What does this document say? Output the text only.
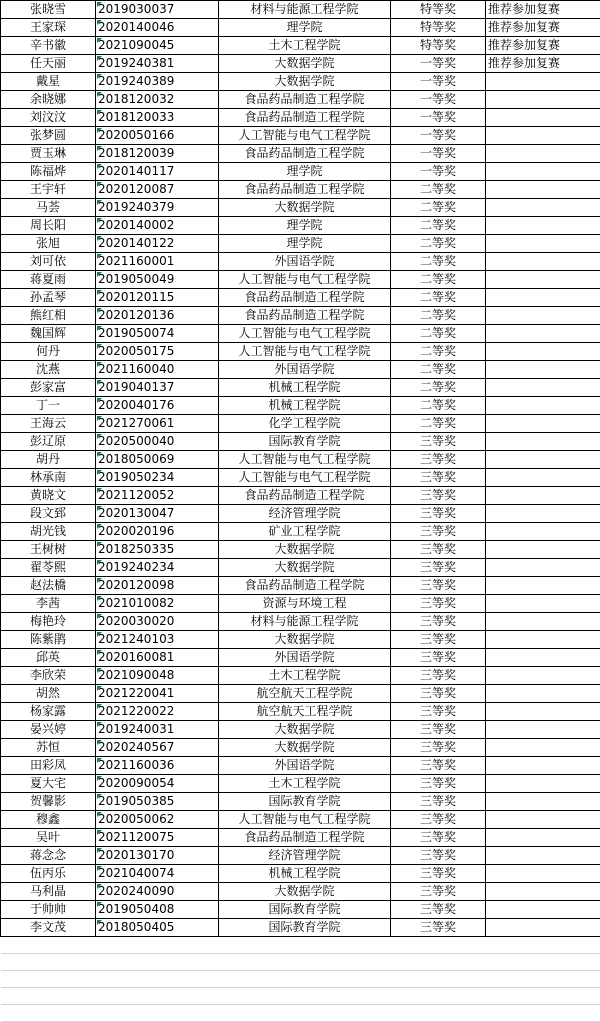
张晓雪	2019030037	材料与能源工程学院	特等奖	推荐参加复赛
王家琛	2020140046	理学院	特等奖	推荐参加复赛
辛书徽	2021090045	土木工程学院	特等奖	推荐参加复赛
任天丽	2019240381	大数据学院	一等奖	推荐参加复赛
戴星	2019240389	大数据学院	一等奖	
余晓娜	2018120032	食品药品制造工程学院	一等奖	
刘汶汶	2018120033	食品药品制造工程学院	一等奖	
张梦圆	2020050166	人工智能与电气工程学院	一等奖	
贾玉琳	2018120039	食品药品制造工程学院	一等奖	
陈福烨	2020140117	理学院	一等奖	
王宇轩	2020120087	食品药品制造工程学院	二等奖	
马荟	2019240379	大数据学院	二等奖	
周长阳	2020140002	理学院	二等奖	
张旭	2020140122	理学院	二等奖	
刘可依	2021160001	外国语学院	二等奖	
蒋夏雨	2019050049	人工智能与电气工程学院	二等奖	
孙孟琴	2020120115	食品药品制造工程学院	二等奖	
熊红相	2020120136	食品药品制造工程学院	二等奖	
魏国辉	2019050074	人工智能与电气工程学院	二等奖	
何丹	2020050175	人工智能与电气工程学院	二等奖	
沈燕	2021160040	外国语学院	二等奖	
彭家富	2019040137	机械工程学院	二等奖	
丁一	2020040176	机械工程学院	二等奖	
王海云	2021270061	化学工程学院	二等奖	
彭辽原	2020500040	国际教育学院	三等奖	
胡丹	2018050069	人工智能与电气工程学院	三等奖	
林承南	2019050234	人工智能与电气工程学院	三等奖	
黄晓文	2021120052	食品药品制造工程学院	三等奖	
段文郅	2020130047	经济管理学院	三等奖	
胡光钱	2020020196	矿业工程学院	三等奖	
王树树	2018250335	大数据学院	三等奖	
翟苓熙	2019240234	大数据学院	三等奖	
赵法橋	2020120098	食品药品制造工程学院	三等奖	
李茜	2021010082	资源与环境工程	三等奖	
梅艳玲	2020030020	材料与能源工程学院	三等奖	
陈紫鹃	2021240103	大数据学院	三等奖	
邱英	2020160081	外国语学院	三等奖	
李欣荣	2021090048	土木工程学院	三等奖	
胡然	2021220041	航空航天工程学院	三等奖	
杨家露	2021220022	航空航天工程学院	三等奖	
晏兴婷	2019240031	大数据学院	三等奖	
苏恒	2020240567	大数据学院	三等奖	
田彩凤	2021160036	外国语学院	三等奖	
夏大宅	2020090054	土木工程学院	三等奖	
贺馨影	2019050385	国际教育学院	三等奖	
穆鑫	2020050062	人工智能与电气工程学院	三等奖	
吴叶	2021120075	食品药品制造工程学院	三等奖	
蒋念念	2020130170	经济管理学院	三等奖	
伍丙乐	2021040074	机械工程学院	三等奖	
马利晶	2020240090	大数据学院	三等奖	
于帅帅	2019050408	国际教育学院	三等奖	
李文茂	2018050405	国际教育学院	三等奖	
